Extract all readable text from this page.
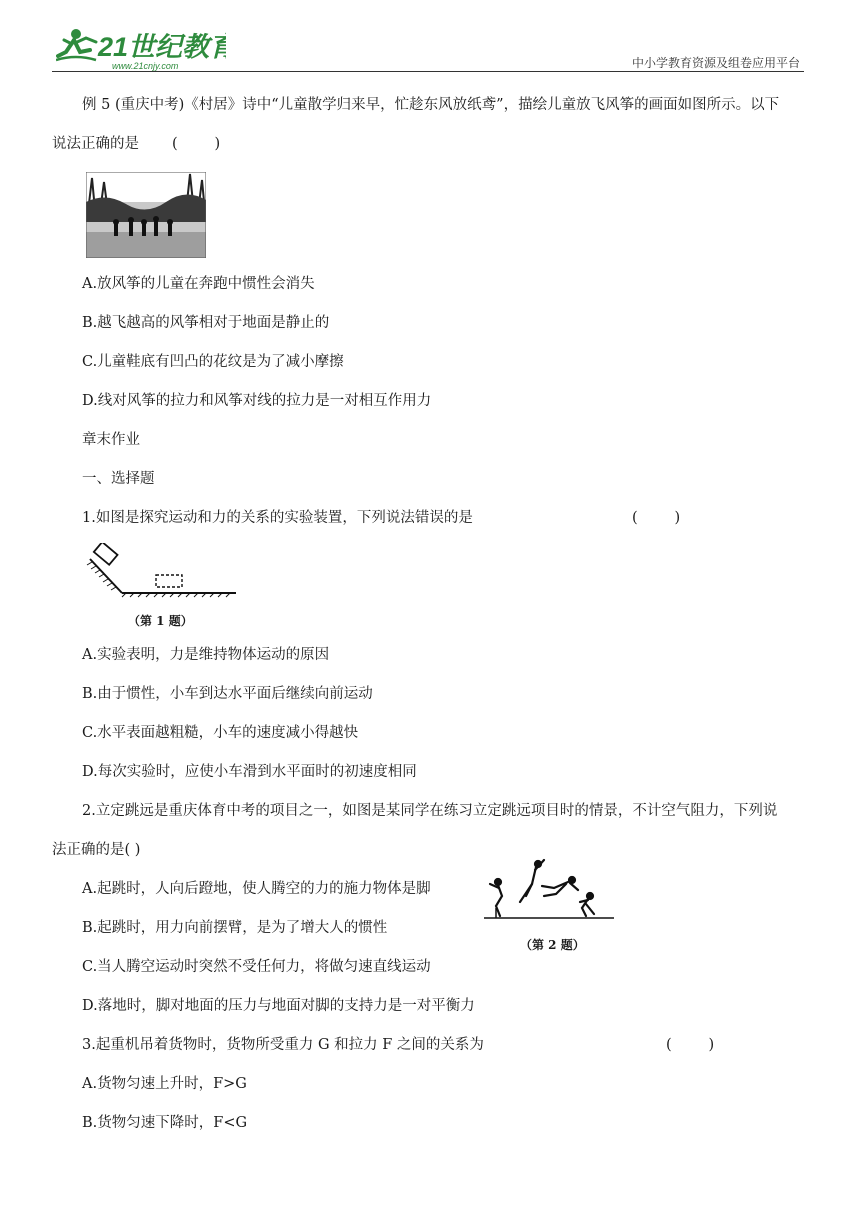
21世纪教育
www.21cnjy.com	中小学教育资源及组卷应用平台
例 5 (重庆中考)《村居》诗中“儿童散学归来早，忙趁东风放纸鸢”，描绘儿童放飞风筝的画面如图所示。以下
说法正确的是 (        )
A.放风筝的儿童在奔跑中惯性会消失
B.越飞越高的风筝相对于地面是静止的
C.儿童鞋底有凹凸的花纹是为了减小摩擦
D.线对风筝的拉力和风筝对线的拉力是一对相互作用力
章末作业
一、选择题
1.如图是探究运动和力的关系的实验装置，下列说法错误的是	(        )
（第 1 题）
A.实验表明，力是维持物体运动的原因
B.由于惯性，小车到达水平面后继续向前运动
C.水平表面越粗糙，小车的速度减小得越快
D.每次实验时，应使小车滑到水平面时的初速度相同
2.立定跳远是重庆体育中考的项目之一，如图是某同学在练习立定跳远项目时的情景，不计空气阻力，下列说
法正确的是( )
（第 2 题）
A.起跳时，人向后蹬地，使人腾空的力的施力物体是脚
B.起跳时，用力向前摆臂，是为了增大人的惯性
C.当人腾空运动时突然不受任何力，将做匀速直线运动
D.落地时，脚对地面的压力与地面对脚的支持力是一对平衡力
3.起重机吊着货物时，货物所受重力 G 和拉力 F 之间的关系为	(        )
A.货物匀速上升时，F>G
B.货物匀速下降时，F<G
